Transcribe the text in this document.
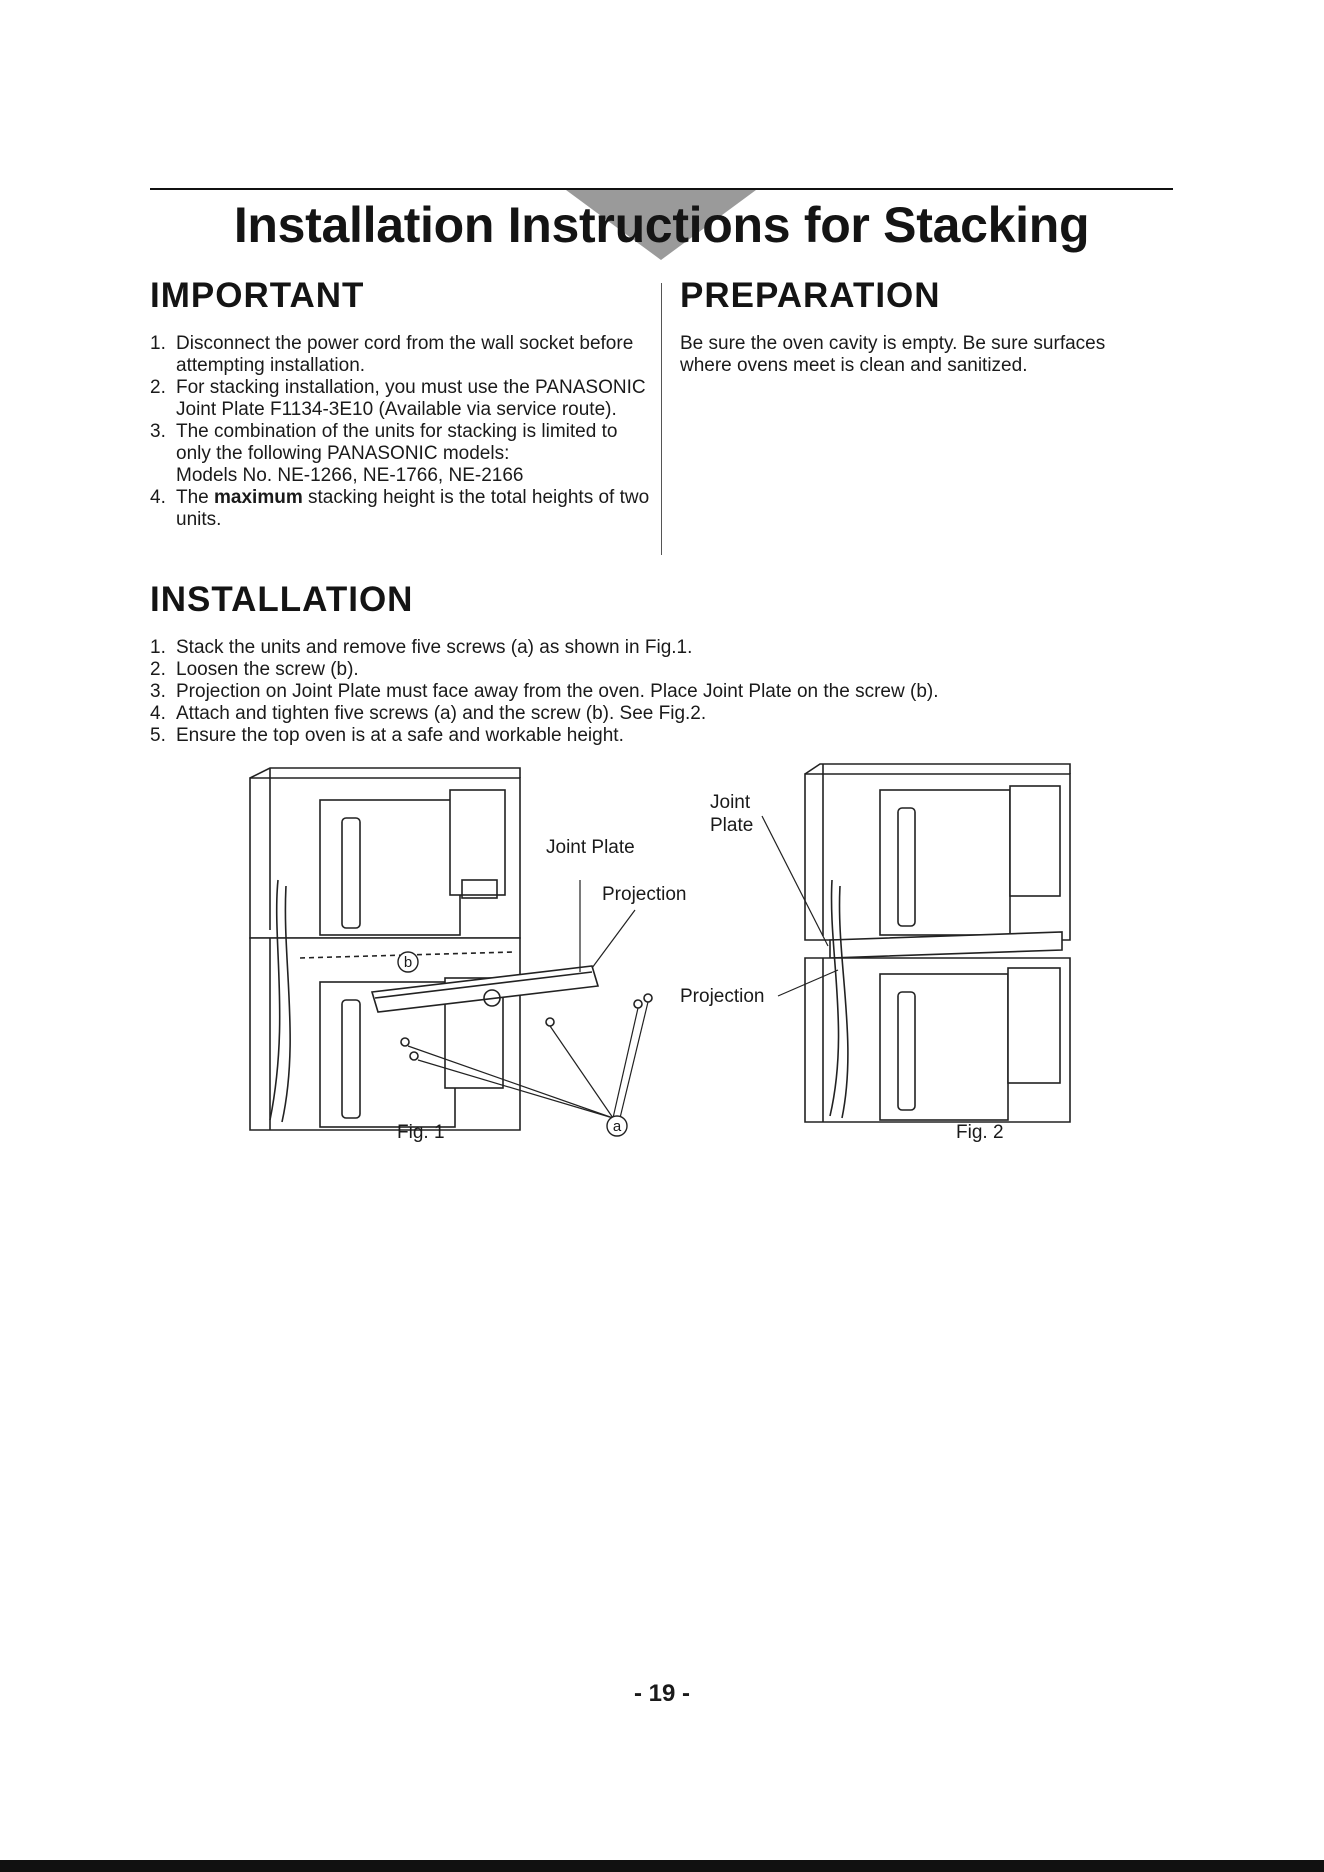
Installation Instructions for Stacking
IMPORTANT
1. Disconnect the power cord from the wall socket before attempting installation.
2. For stacking installation, you must use the PANASONIC Joint Plate F1134-3E10 (Available via service route).
3. The combination of the units for stacking is limited to only the following PANASONIC models:
Models No. NE-1266, NE-1766, NE-2166
4. The maximum stacking height is the total heights of two units.
PREPARATION
Be sure the oven cavity is empty. Be sure surfaces where ovens meet is clean and sanitized.
INSTALLATION
1. Stack the units and remove five screws (a) as shown in Fig.1.
2. Loosen the screw (b).
3. Projection on Joint Plate must face away from the oven. Place Joint Plate on the screw (b).
4. Attach and tighten five screws (a) and the screw (b). See Fig.2.
5. Ensure the top oven is at a safe and workable height.
b
a
Joint Plate
Projection
Fig. 1
Joint
Plate
Projection
Fig. 2
- 19 -
